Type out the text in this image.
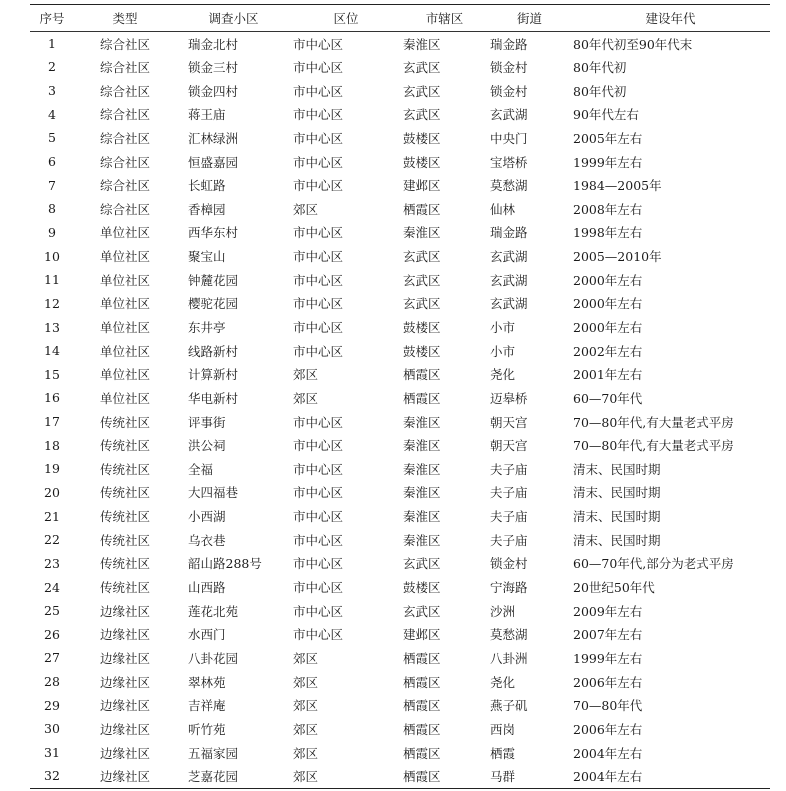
序号	类型	调查小区	区位	市辖区	街道	建设年代
1	综合社区	瑞金北村	市中心区	秦淮区	瑞金路	80年代初至90年代末
2	综合社区	锁金三村	市中心区	玄武区	锁金村	80年代初
3	综合社区	锁金四村	市中心区	玄武区	锁金村	80年代初
4	综合社区	蒋王庙	市中心区	玄武区	玄武湖	90年代左右
5	综合社区	汇林绿洲	市中心区	鼓楼区	中央门	2005年左右
6	综合社区	恒盛嘉园	市中心区	鼓楼区	宝塔桥	1999年左右
7	综合社区	长虹路	市中心区	建邺区	莫愁湖	1984—2005年
8	综合社区	香樟园	郊区	栖霞区	仙林	2008年左右
9	单位社区	西华东村	市中心区	秦淮区	瑞金路	1998年左右
10	单位社区	聚宝山	市中心区	玄武区	玄武湖	2005—2010年
11	单位社区	钟麓花园	市中心区	玄武区	玄武湖	2000年左右
12	单位社区	樱驼花园	市中心区	玄武区	玄武湖	2000年左右
13	单位社区	东井亭	市中心区	鼓楼区	小市	2000年左右
14	单位社区	线路新村	市中心区	鼓楼区	小市	2002年左右
15	单位社区	计算新村	郊区	栖霞区	尧化	2001年左右
16	单位社区	华电新村	郊区	栖霞区	迈皋桥	60—70年代
17	传统社区	评事街	市中心区	秦淮区	朝天宫	70—80年代,有大量老式平房
18	传统社区	洪公祠	市中心区	秦淮区	朝天宫	70—80年代,有大量老式平房
19	传统社区	全福	市中心区	秦淮区	夫子庙	清末、民国时期
20	传统社区	大四福巷	市中心区	秦淮区	夫子庙	清末、民国时期
21	传统社区	小西湖	市中心区	秦淮区	夫子庙	清末、民国时期
22	传统社区	乌衣巷	市中心区	秦淮区	夫子庙	清末、民国时期
23	传统社区	韶山路288号	市中心区	玄武区	锁金村	60—70年代,部分为老式平房
24	传统社区	山西路	市中心区	鼓楼区	宁海路	20世纪50年代
25	边缘社区	莲花北苑	市中心区	玄武区	沙洲	2009年左右
26	边缘社区	水西门	市中心区	建邺区	莫愁湖	2007年左右
27	边缘社区	八卦花园	郊区	栖霞区	八卦洲	1999年左右
28	边缘社区	翠林苑	郊区	栖霞区	尧化	2006年左右
29	边缘社区	吉祥庵	郊区	栖霞区	燕子矶	70—80年代
30	边缘社区	听竹苑	郊区	栖霞区	西岗	2006年左右
31	边缘社区	五福家园	郊区	栖霞区	栖霞	2004年左右
32	边缘社区	芝嘉花园	郊区	栖霞区	马群	2004年左右
